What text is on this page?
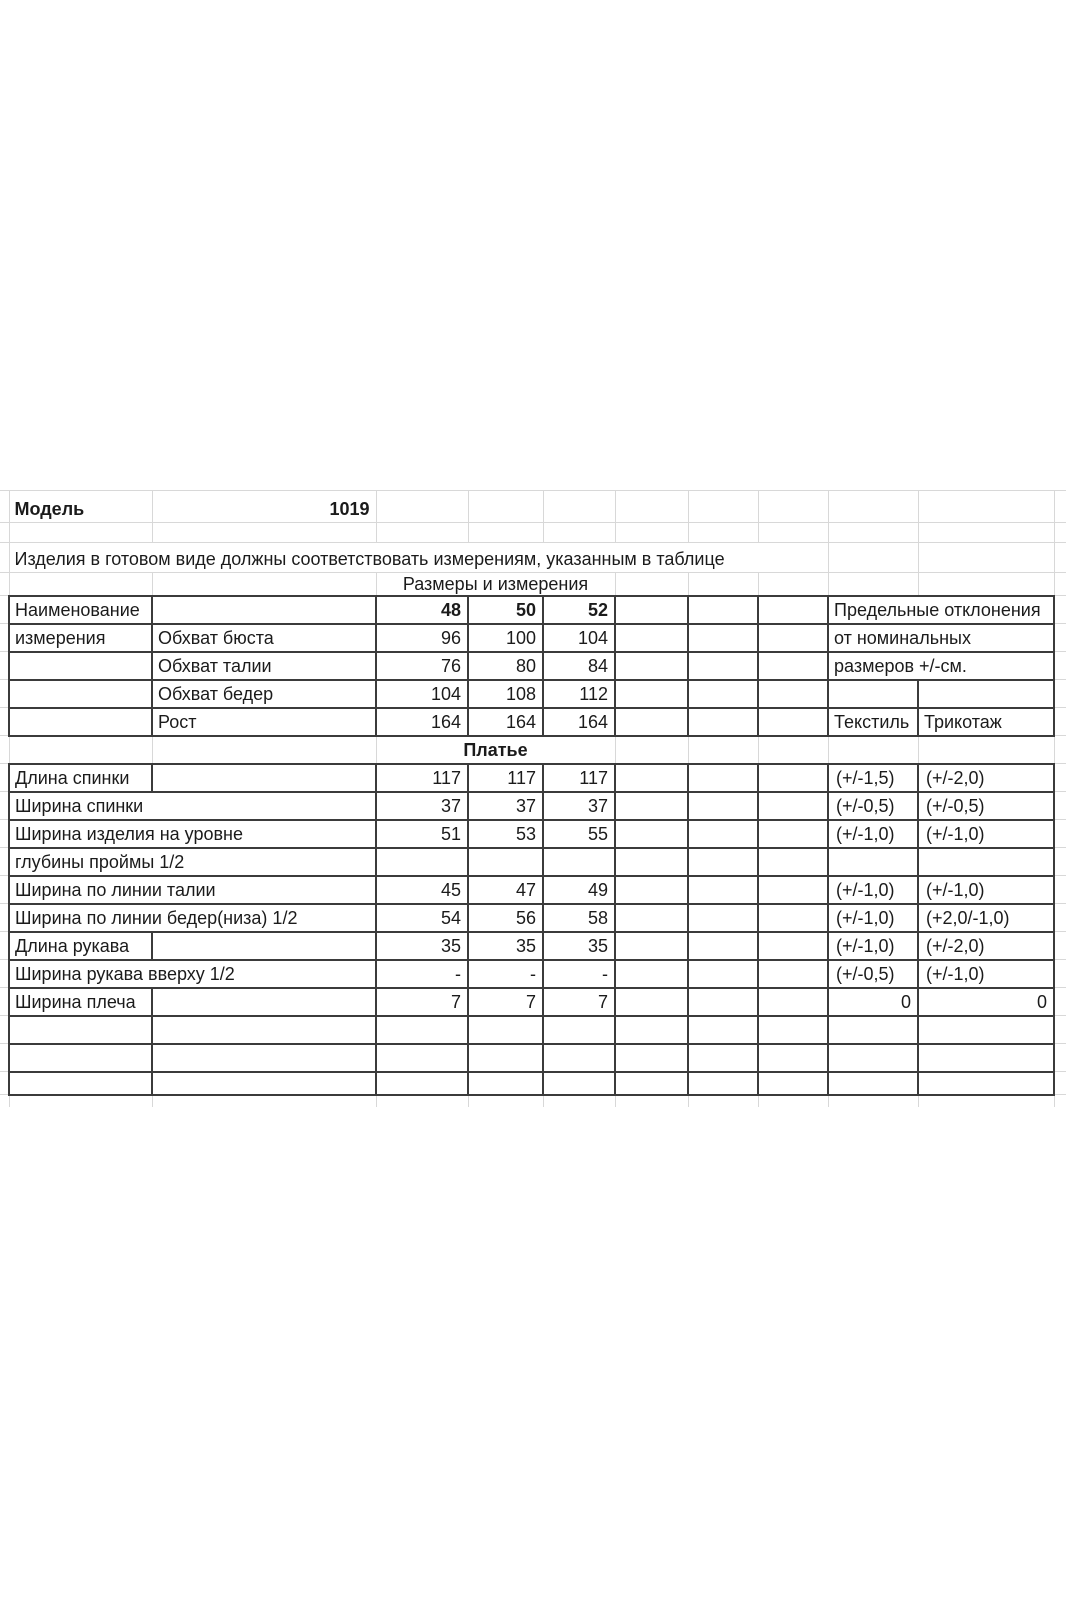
	Модель	1019									

	Изделия в готовом виде должны соответствовать измерениям, указанным в таблице										
			Размеры и измерения								
	Наименование		48	50	52				Предельные отклонения		
	измерения	Обхват бюста	96	100	104				от номинальных		
		Обхват талии	76	80	84				размеров +/-см.		
		Обхват бедер	104	108	112						
		Рост	164	164	164				Текстиль	Трикотаж	
			Платье								
	Длина спинки		117	117	117				(+/-1,5)	(+/-2,0)	
	Ширина спинки		37	37	37				(+/-0,5)	(+/-0,5)	
	Ширина изделия на уровне		51	53	55				(+/-1,0)	(+/-1,0)	
	глубины проймы 1/2										
	Ширина по линии талии		45	47	49				(+/-1,0)	(+/-1,0)	
	Ширина по линии бедер(низа) 1/2		54	56	58				(+/-1,0)	(+2,0/-1,0)	
	Длина рукава		35	35	35				(+/-1,0)	(+/-2,0)	
	Ширина рукава вверху 1/2		-	-	-				(+/-0,5)	(+/-1,0)	
	Ширина плеча		7	7	7				0	0	
